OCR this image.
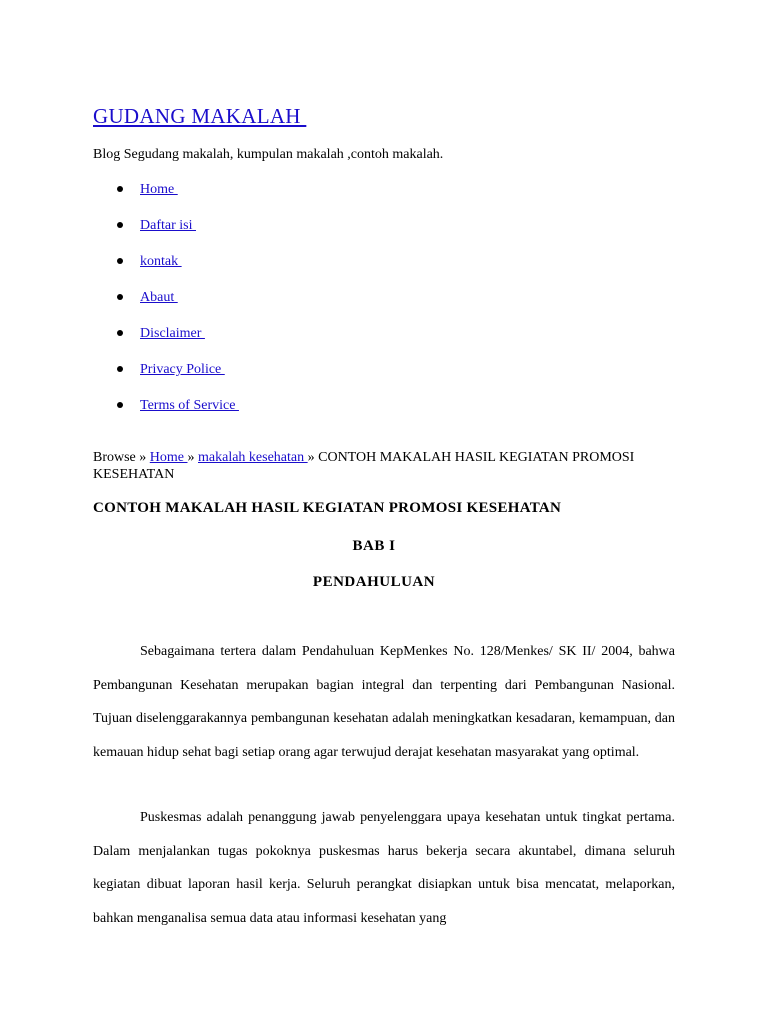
GUDANG MAKALAH
Blog Segudang makalah, kumpulan makalah ,contoh makalah.
Home
Daftar isi
kontak
Abaut
Disclaimer
Privacy Police
Terms of Service
Browse » Home » makalah kesehatan » CONTOH MAKALAH HASIL KEGIATAN PROMOSI KESEHATAN
CONTOH MAKALAH HASIL KEGIATAN PROMOSI KESEHATAN
BAB I
PENDAHULUAN

Sebagaimana tertera dalam Pendahuluan KepMenkes No. 128/Menkes/ SK II/ 2004, bahwa Pembangunan Kesehatan merupakan bagian integral dan terpenting dari Pembangunan Nasional. Tujuan diselenggarakannya pembangunan kesehatan adalah meningkatkan kesadaran, kemampuan, dan kemauan hidup sehat bagi setiap orang agar terwujud derajat kesehatan masyarakat yang optimal.

Puskesmas adalah penanggung jawab penyelenggara upaya kesehatan untuk tingkat pertama. Dalam menjalankan tugas pokoknya puskesmas harus bekerja secara akuntabel, dimana seluruh kegiatan dibuat laporan hasil kerja. Seluruh perangkat disiapkan untuk bisa mencatat, melaporkan, bahkan menganalisa semua data atau informasi kesehatan yang
